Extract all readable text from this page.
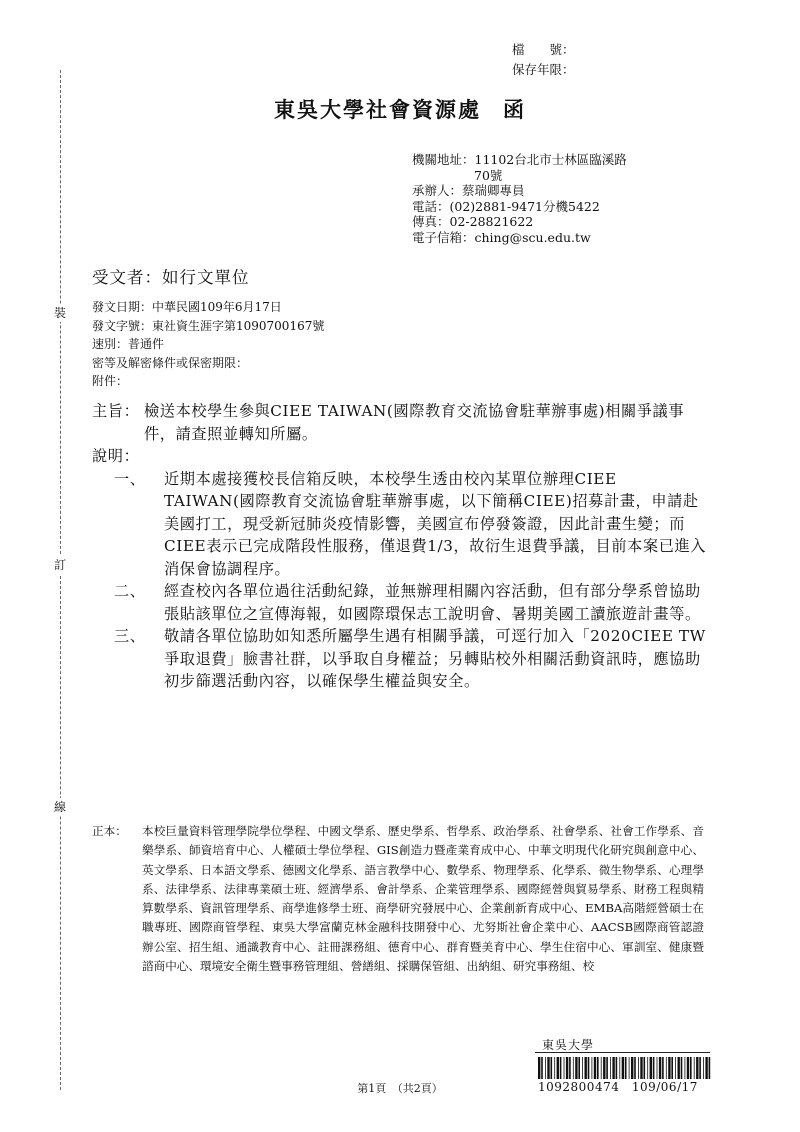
裝
訂
線
檔　　號：
保存年限：
東吳大學社會資源處 函
機關地址：11102台北市士林區臨溪路
70號
承辦人：蔡瑞卿專員
電話：(02)2881-9471分機5422
傳真：02-28821622
電子信箱：ching@scu.edu.tw
受文者：如行文單位
發文日期：中華民國109年6月17日
發文字號：東社資生涯字第1090700167號
速別：普通件
密等及解密條件或保密期限：
附件：
主旨： 檢送本校學生參與CIEE TAIWAN(國際教育交流協會駐華辦事處)相關爭議事件，請查照並轉知所屬。
說明：
一、	近期本處接獲校長信箱反映，本校學生透由校內某單位辦理CIEE TAIWAN(國際教育交流協會駐華辦事處，以下簡稱CIEE)招募計畫，申請赴美國打工，現受新冠肺炎疫情影響，美國宣布停發簽證，因此計畫生變；而CIEE表示已完成階段性服務，僅退費1/3，故衍生退費爭議，目前本案已進入消保會協調程序。
二、	經查校內各單位過往活動紀錄，並無辦理相關內容活動，但有部分學系曾協助張貼該單位之宣傳海報，如國際環保志工說明會、暑期美國工讀旅遊計畫等。
三、	敬請各單位協助如知悉所屬學生遇有相關爭議，可逕行加入「2020CIEE TW爭取退費」臉書社群，以爭取自身權益；另轉貼校外相關活動資訊時，應協助初步篩選活動內容，以確保學生權益與安全。
正本：	本校巨量資料管理學院學位學程、中國文學系、歷史學系、哲學系、政治學系、社會學系、社會工作學系、音樂學系、師資培育中心、人權碩士學位學程、GIS創造力暨產業育成中心、中華文明現代化研究與創意中心、英文學系、日本語文學系、德國文化學系、語言教學中心、數學系、物理學系、化學系、微生物學系、心理學系、法律學系、法律專業碩士班、經濟學系、會計學系、企業管理學系、國際經營與貿易學系、財務工程與精算數學系、資訊管理學系、商學進修學士班、商學研究發展中心、企業創新育成中心、EMBA高階經營碩士在職專班、國際商管學程、東吳大學富蘭克林金融科技開發中心、尤努斯社會企業中心、AACSB國際商管認證辦公室、招生組、通識教育中心、註冊課務組、德育中心、群育暨美育中心、學生住宿中心、軍訓室、健康暨諮商中心、環境安全衛生暨事務管理組、營繕組、採購保管組、出納組、研究事務組、校
東吳大學
1092800474　109/06/17
第1頁　（共2頁）
